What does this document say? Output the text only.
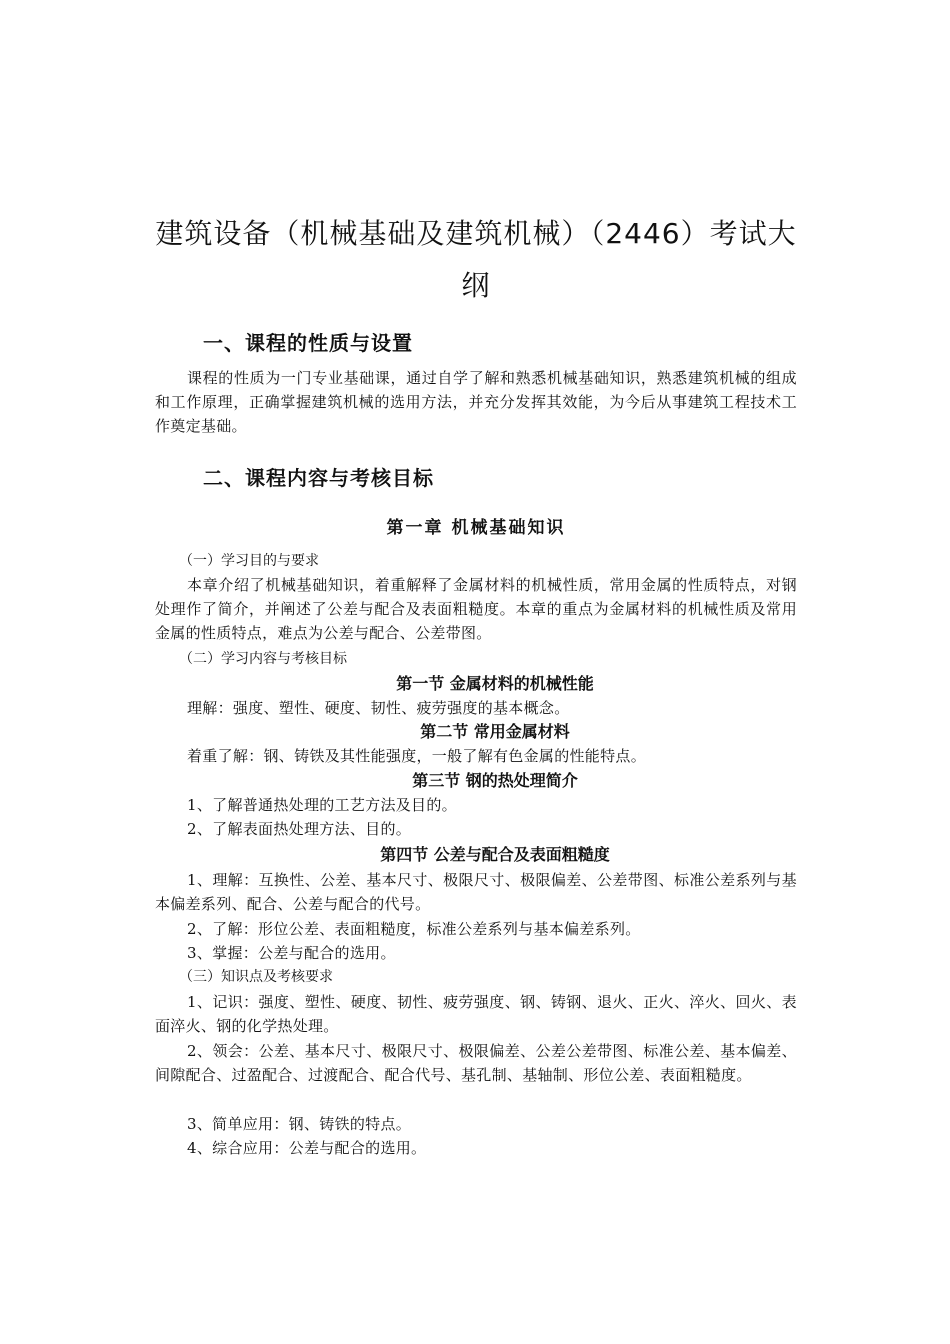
建筑设备（机械基础及建筑机械）（2446）考试大纲
一、课程的性质与设置
课程的性质为一门专业基础课，通过自学了解和熟悉机械基础知识，熟悉建筑机械的组成和工作原理，正确掌握建筑机械的选用方法，并充分发挥其效能，为今后从事建筑工程技术工作奠定基础。
二、课程内容与考核目标
第一章 机械基础知识
（一）学习目的与要求
本章介绍了机械基础知识，着重解释了金属材料的机械性质，常用金属的性质特点，对钢处理作了简介，并阐述了公差与配合及表面粗糙度。本章的重点为金属材料的机械性质及常用金属的性质特点，难点为公差与配合、公差带图。
（二）学习内容与考核目标
第一节 金属材料的机械性能
理解：强度、塑性、硬度、韧性、疲劳强度的基本概念。
第二节 常用金属材料
着重了解：钢、铸铁及其性能强度，一般了解有色金属的性能特点。
第三节 钢的热处理简介
1、了解普通热处理的工艺方法及目的。
2、了解表面热处理方法、目的。
第四节 公差与配合及表面粗糙度
1、理解：互换性、公差、基本尺寸、极限尺寸、极限偏差、公差带图、标准公差系列与基本偏差系列、配合、公差与配合的代号。
2、了解：形位公差、表面粗糙度，标准公差系列与基本偏差系列。
3、掌握：公差与配合的选用。
（三）知识点及考核要求
1、记识：强度、塑性、硬度、韧性、疲劳强度、钢、铸钢、退火、正火、淬火、回火、表面淬火、钢的化学热处理。
2、领会：公差、基本尺寸、极限尺寸、极限偏差、公差公差带图、标准公差、基本偏差、间隙配合、过盈配合、过渡配合、配合代号、基孔制、基轴制、形位公差、表面粗糙度。
3、简单应用：钢、铸铁的特点。
4、综合应用：公差与配合的选用。
